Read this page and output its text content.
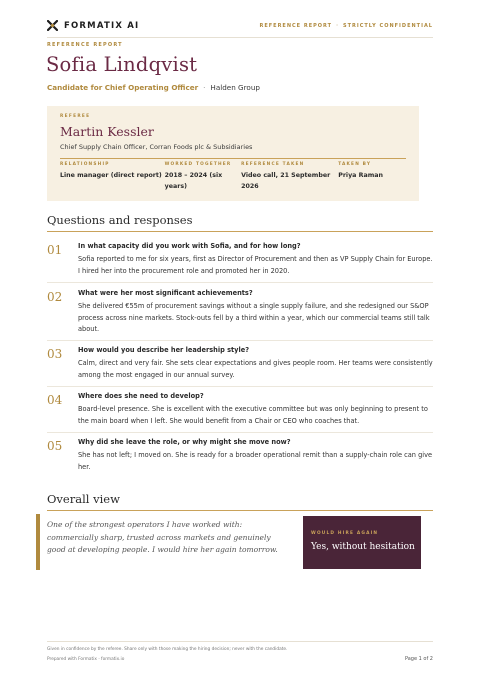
FORMATIX AI	REFERENCE REPORT · STRICTLY CONFIDENTIAL
REFERENCE REPORT
Sofia Lindqvist
Candidate for Chief Operating Officer · Halden Group
REFEREE
Martin Kessler
Chief Supply Chain Officer, Corran Foods plc & Subsidiaries
RELATIONSHIP
Line manager (direct report)
WORKED TOGETHER
2018 – 2024 (six years)
REFERENCE TAKEN
Video call, 21 September 2026
TAKEN BY
Priya Raman
Questions and responses
01 In what capacity did you work with Sofia, and for how long?
Sofia reported to me for six years, first as Director of Procurement and then as VP Supply Chain for Europe. I hired her into the procurement role and promoted her in 2020.
02 What were her most significant achievements?
She delivered €55m of procurement savings without a single supply failure, and she redesigned our S&OP process across nine markets. Stock-outs fell by a third within a year, which our commercial teams still talk about.
03 How would you describe her leadership style?
Calm, direct and very fair. She sets clear expectations and gives people room. Her teams were consistently among the most engaged in our annual survey.
04 Where does she need to develop?
Board-level presence. She is excellent with the executive committee but was only beginning to present to the main board when I left. She would benefit from a Chair or CEO who coaches that.
05 Why did she leave the role, or why might she move now?
She has not left; I moved on. She is ready for a broader operational remit than a supply-chain role can give her.
Overall view
One of the strongest operators I have worked with: commercially sharp, trusted across markets and genuinely good at developing people. I would hire her again tomorrow.
WOULD HIRE AGAIN
Yes, without hesitation
Given in confidence by the referee. Share only with those making the hiring decision; never with the candidate.
Prepared with Formatix · formatix.io	Page 1 of 2
